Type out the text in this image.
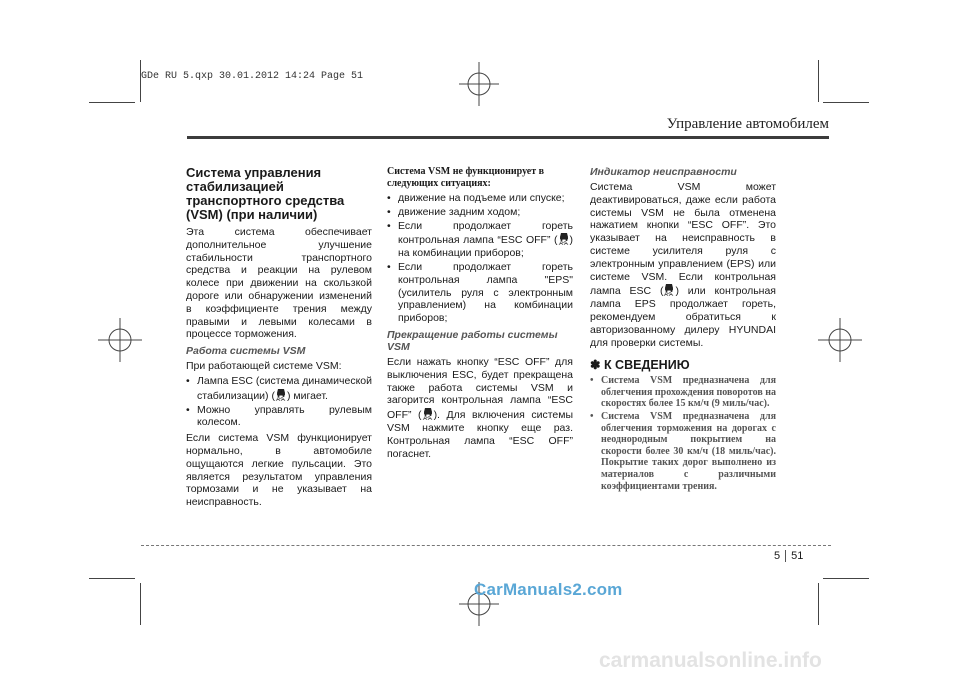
GDe RU 5.qxp 30.01.2012 14:24 Page 51
Управление автомобилем
Система управления стабилизацией транспортного средства (VSM) (при наличии)

Эта система обеспечивает дополнительное улучшение стабильности транспортного средства и реакции на рулевом колесе при движении на скользкой дороге или обнаружении изменений в коэффициенте трения между правыми и левыми колесами в процессе торможения.

Работа системы VSM

При работающей системе VSM:

• Лампа ESC (система динамической стабилизации) ( ) мигает.
• Можно управлять рулевым колесом.

Если система VSM функционирует нормально, в автомобиле ощущаются легкие пульсации. Это является результатом управления тормозами и не указывает на неисправность.

Система VSM не функционирует в следующих ситуациях:
• движение на подъеме или спуске;
• движение задним ходом;
• Если продолжает гореть контрольная лампа “ESC OFF” ( ) на комбинации приборов;
• Если продолжает гореть контрольная лампа "EPS" (усилитель руля с электронным управлением) на комбинации приборов;
Прекращение работы системы
VSM

Если нажать кнопку “ESC OFF” для выключения ESC, будет прекращена также работа системы VSM и загорится контрольная лампа “ESC OFF” ( ). Для включения системы VSM нажмите кнопку еще раз. Контрольная лампа “ESC OFF” погаснет.

Индикатор неисправности

Система VSM может деактивироваться, даже если работа системы VSM не была отменена нажатием кнопки “ESC OFF”. Это указывает на неисправность в системе усилителя руля с электронным управлением (EPS) или системе VSM. Если контрольная лампа ESC ( ) или контрольная лампа EPS продолжает гореть, рекомендуем обратиться к авторизованному дилеру HYUNDAI для проверки системы.

✽ К СВЕДЕНИЮ
• Система VSM предназначена для облегчения прохождения поворотов на скоростях более 15 км/ч (9 миль/час).
• Система VSM предназначена для облегчения торможения на дорогах с неоднородным покрытием на скорости более 30 км/ч (18 миль/час). Покрытие таких дорог выполнено из материалов с различными коэффициентами трения.
5 51
CarManuals2.com
carmanualsonline.info
